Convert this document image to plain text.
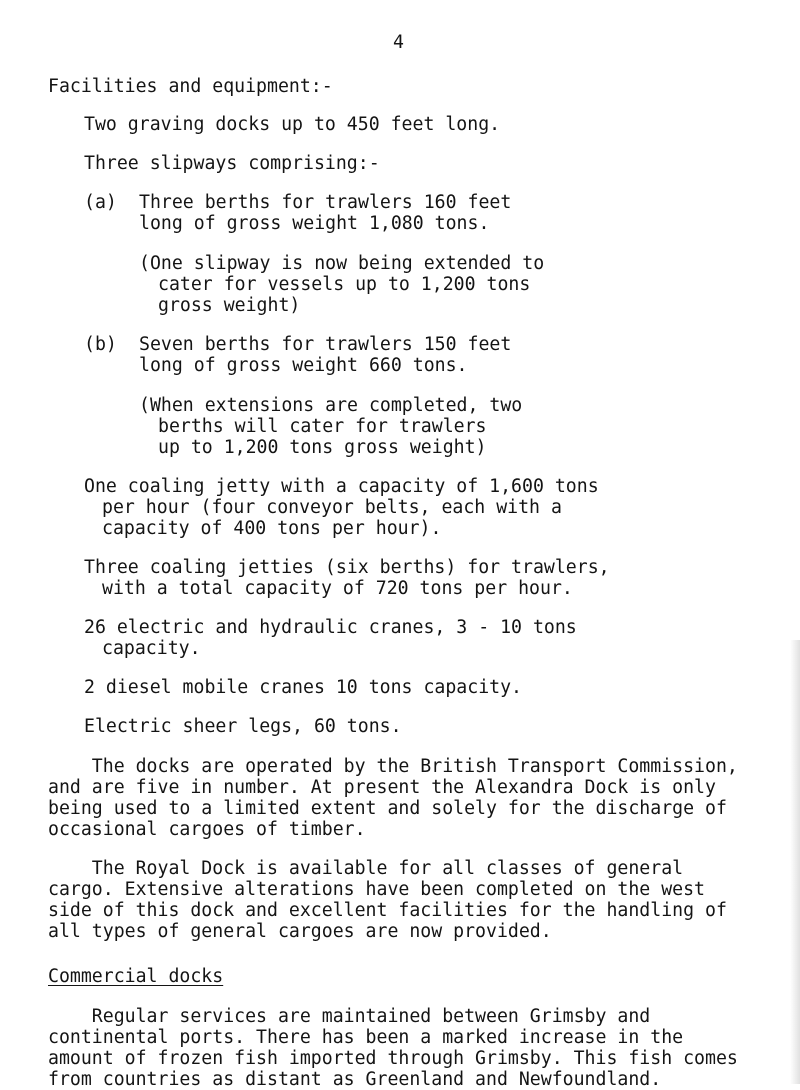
4
Facilities and equipment:-
Two graving docks up to 450 feet long.
Three slipways comprising:-
(a) Three berths for trawlers 160 feet
long of gross weight 1,080 tons.
(One slipway is now being extended to
cater for vessels up to 1,200 tons
gross weight)
(b) Seven berths for trawlers 150 feet
long of gross weight 660 tons.
(When extensions are completed, two
berths will cater for trawlers
up to 1,200 tons gross weight)
One coaling jetty with a capacity of 1,600 tons
per hour (four conveyor belts, each with a
capacity of 400 tons per hour).
Three coaling jetties (six berths) for trawlers,
with a total capacity of 720 tons per hour.
26 electric and hydraulic cranes, 3 - 10 tons
capacity.
2 diesel mobile cranes 10 tons capacity.
Electric sheer legs, 60 tons.
The docks are operated by the British Transport Commission,
and are five in number. At present the Alexandra Dock is only
being used to a limited extent and solely for the discharge of
occasional cargoes of timber.
The Royal Dock is available for all classes of general
cargo. Extensive alterations have been completed on the west
side of this dock and excellent facilities for the handling of
all types of general cargoes are now provided.
Commercial docks
Regular services are maintained between Grimsby and
continental ports. There has been a marked increase in the
amount of frozen fish imported through Grimsby. This fish comes
from countries as distant as Greenland and Newfoundland.
